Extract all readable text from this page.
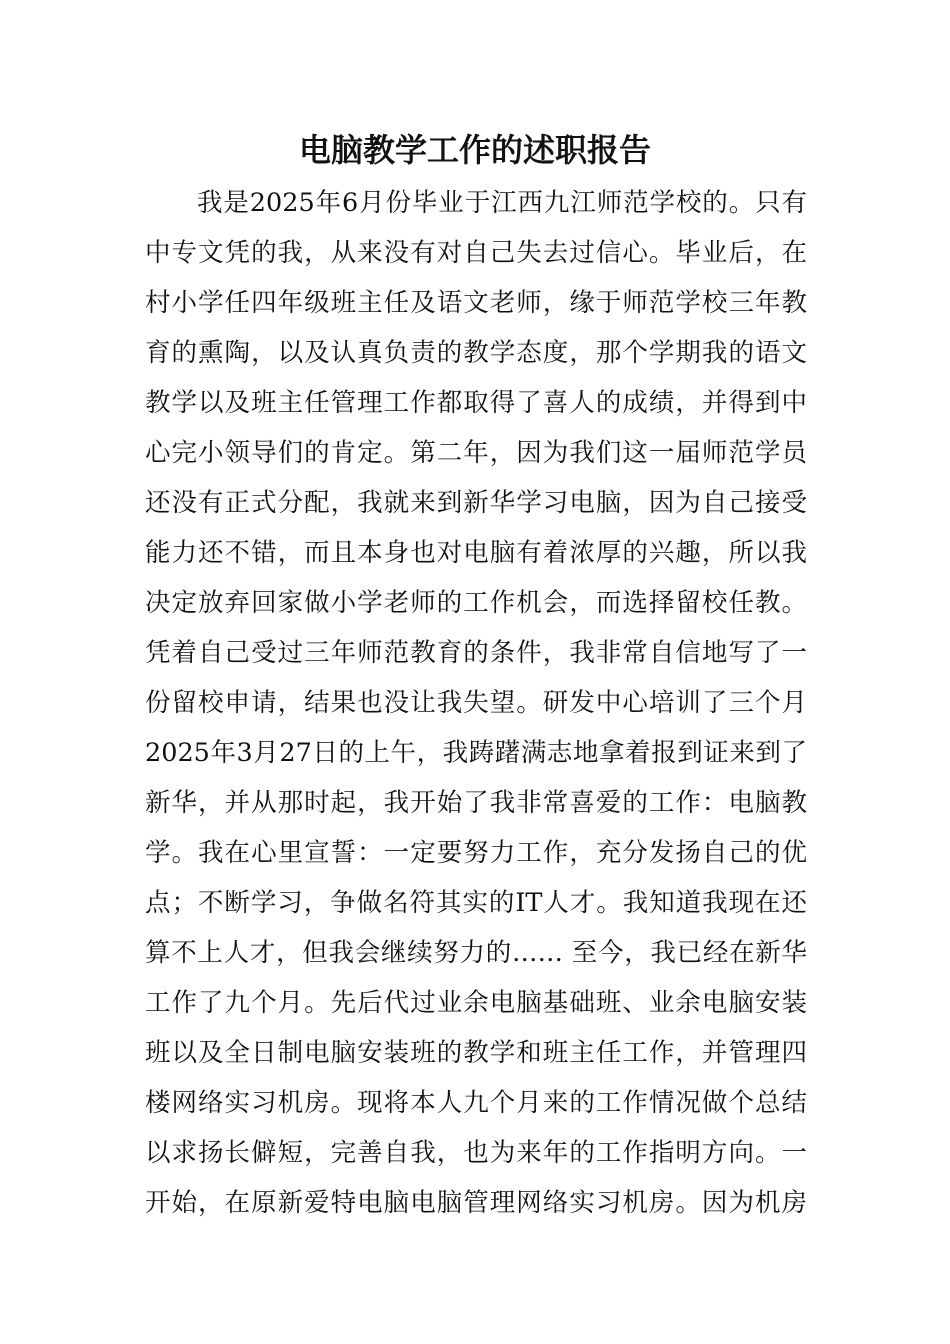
电脑教学工作的述职报告
我是2025年6月份毕业于江西九江师范学校的。只有
中专文凭的我，从来没有对自己失去过信心。毕业后，在
村小学任四年级班主任及语文老师，缘于师范学校三年教
育的熏陶，以及认真负责的教学态度，那个学期我的语文
教学以及班主任管理工作都取得了喜人的成绩，并得到中
心完小领导们的肯定。第二年，因为我们这一届师范学员
还没有正式分配，我就来到新华学习电脑，因为自己接受
能力还不错，而且本身也对电脑有着浓厚的兴趣，所以我
决定放弃回家做小学老师的工作机会，而选择留校任教。
凭着自己受过三年师范教育的条件，我非常自信地写了一
份留校申请，结果也没让我失望。研发中心培训了三个月
2025年3月27日的上午，我踌躇满志地拿着报到证来到了
新华，并从那时起，我开始了我非常喜爱的工作：电脑教
学。我在心里宣誓：一定要努力工作，充分发扬自己的优
点；不断学习，争做名符其实的IT人才。我知道我现在还
算不上人才，但我会继续努力的…… 至今，我已经在新华
工作了九个月。先后代过业余电脑基础班、业余电脑安装
班以及全日制电脑安装班的教学和班主任工作，并管理四
楼网络实习机房。现将本人九个月来的工作情况做个总结
以求扬长僻短，完善自我，也为来年的工作指明方向。一
开始，在原新爱特电脑电脑管理网络实习机房。因为机房
